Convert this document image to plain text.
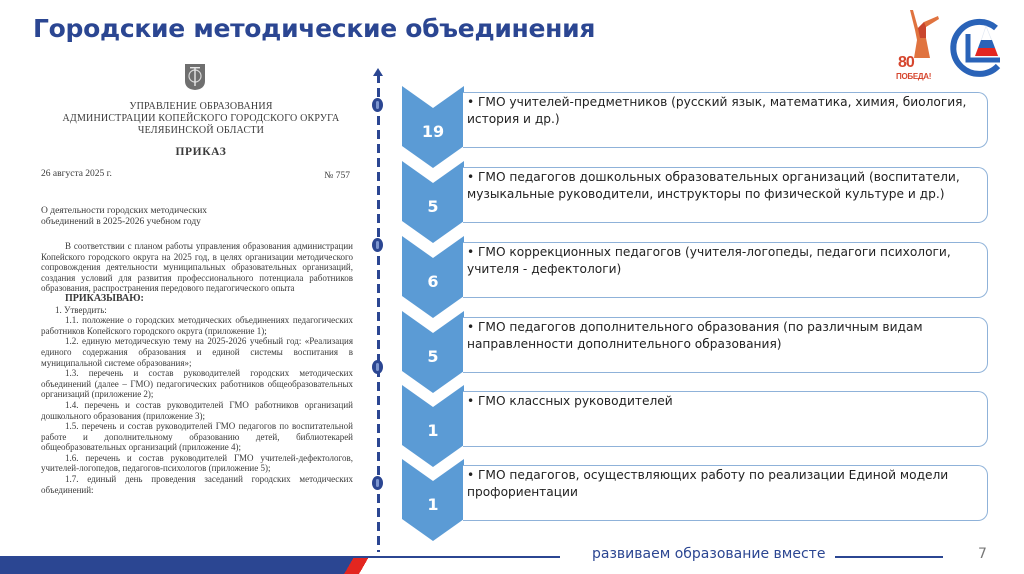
Городские методические объединения
80
ПОБЕДА!
УПРАВЛЕНИЕ ОБРАЗОВАНИЯ
АДМИНИСТРАЦИИ КОПЕЙСКОГО ГОРОДСКОГО ОКРУГА
ЧЕЛЯБИНСКОЙ ОБЛАСТИ
ПРИКАЗ
26 августа 2025 г.	№ 757
О деятельности городских методических
объединений в 2025-2026 учебном году

В соответствии с планом работы управления образования администрации Копейского городского округа на 2025 год, в целях организации методического сопровождения деятельности муниципальных образовательных организаций, создания условий для развития профессионального потенциала работников образования, распространения передового педагогического опыта

ПРИКАЗЫВАЮ:

1. Утвердить:

1.1. положение о городских методических объединениях педагогических работников Копейского городского округа (приложение 1);

1.2. единую методическую тему на 2025-2026 учебный год: «Реализация единого содержания образования и единой системы воспитания в муниципальной системе образования»;

1.3. перечень и состав руководителей городских методических объединений (далее – ГМО) педагогических работников общеобразовательных организаций (приложение 2);

1.4. перечень и состав руководителей ГМО работников организаций дошкольного образования (приложение 3);

1.5. перечень и состав руководителей ГМО педагогов по воспитательной работе и дополнительному образованию детей, библиотекарей общеобразовательных организаций (приложение 4);

1.6. перечень и состав руководителей ГМО учителей-дефектологов, учителей-логопедов, педагогов-психологов (приложение 5);

1.7. единый день проведения заседаний городских методических объединений:

19
• ГМО учителей-предметников (русский язык, математика, химия, биология, история и др.)
5
• ГМО педагогов дошкольных образовательных организаций (воспитатели, музыкальные руководители, инструкторы по физической культуре и др.)
6
• ГМО коррекционных педагогов (учителя-логопеды, педагоги психологи, учителя - дефектологи)
5
• ГМО педагогов дополнительного образования (по различным видам направленности дополнительного образования)
1
• ГМО классных руководителей
1
• ГМО педагогов, осуществляющих работу по реализации Единой модели профориентации
развиваем образование вместе	7
